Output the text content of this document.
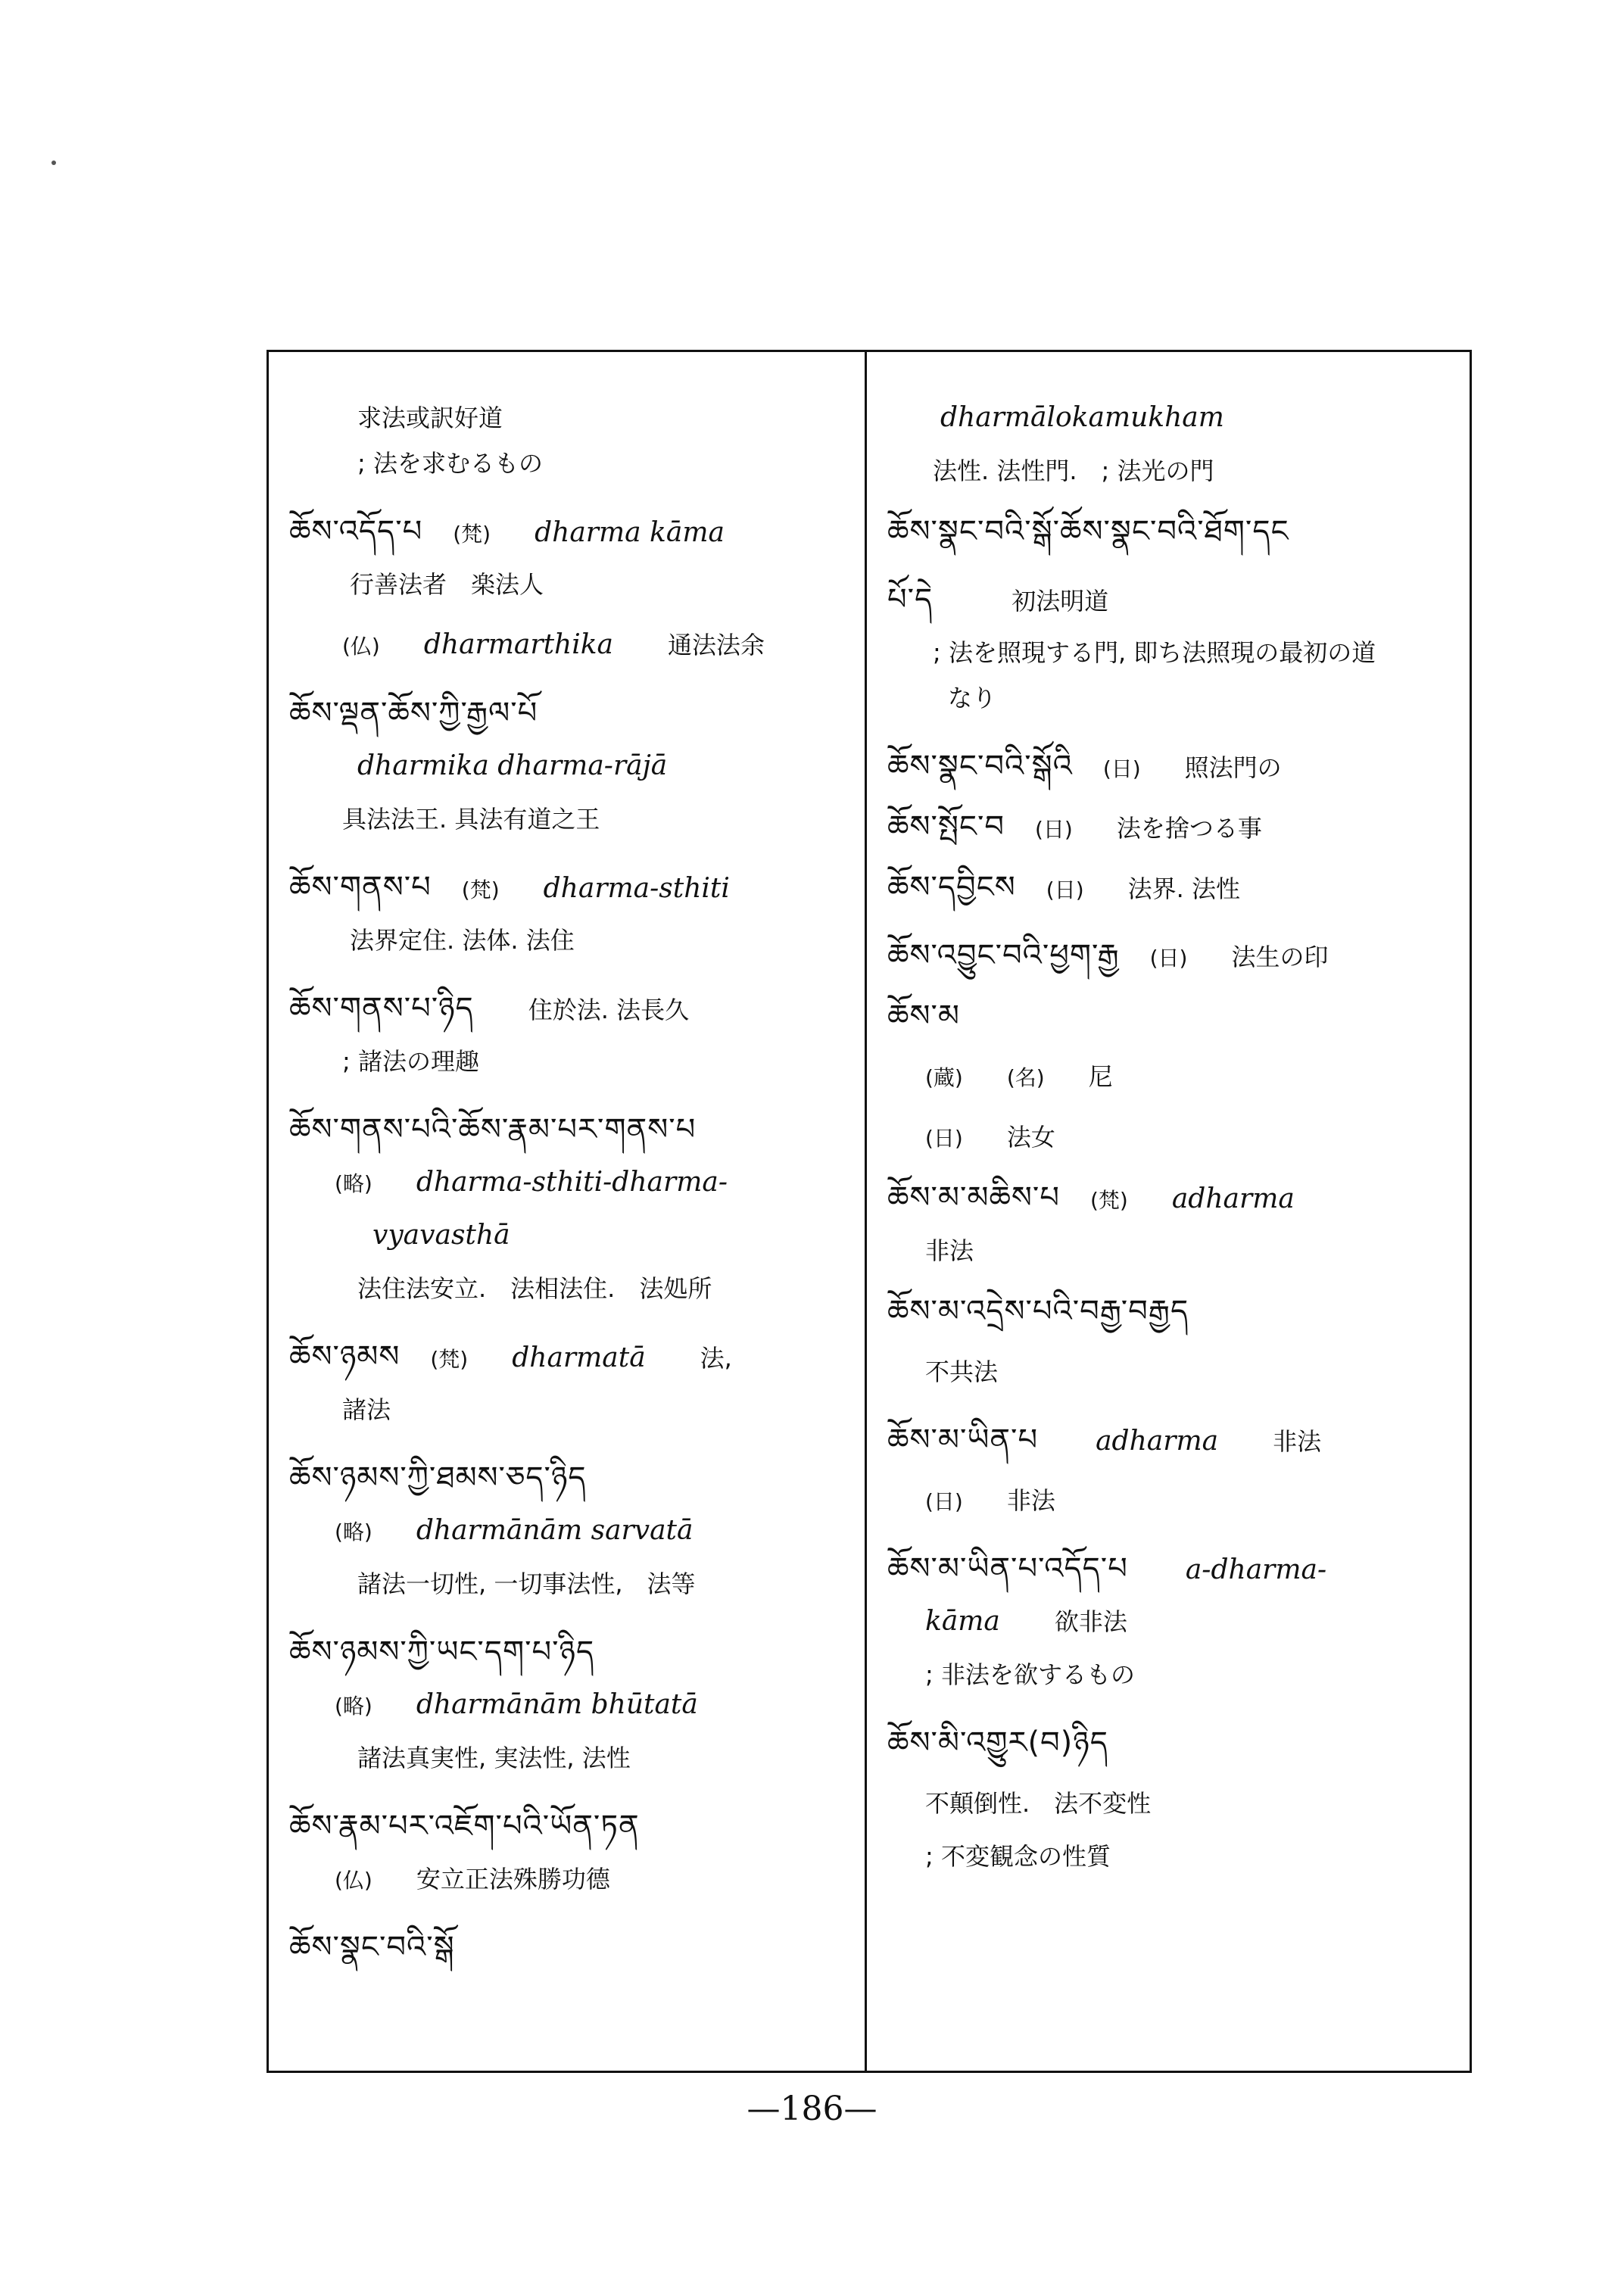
求法或訳好道
; 法を求むるもの
ཆོས་འདོད་པ (梵) dharma kāma
行善法者　楽法人
(仏) dharmarthika　通法法余
ཆོས་ལྡན་ཆོས་ཀྱི་རྒྱལ་པོ
dharmika dharma-rājā
具法法王. 具法有道之王
ཆོས་གནས་པ (梵) dharma-sthiti
法界定住. 法体. 法住
ཆོས་གནས་པ་ཉིད　住於法. 法長久
; 諸法の理趣
ཆོས་གནས་པའི་ཆོས་རྣམ་པར་གནས་པ
(略) dharma-sthiti-dharma-
vyavasthā
法住法安立.　法相法住.　法処所
ཆོས་ཉམས (梵) dharmatā　法,
諸法
ཆོས་ཉམས་ཀྱི་ཐམས་ཅད་ཉིད
(略) dharmānām sarvatā
諸法一切性, 一切事法性,　法等
ཆོས་ཉམས་ཀྱི་ཡང་དག་པ་ཉིད
(略) dharmānām bhūtatā
諸法真実性, 実法性, 法性
ཆོས་རྣམ་པར་འཇོག་པའི་ཡོན་ཏན
(仏) 安立正法殊勝功德
ཆོས་སྣང་བའི་སྒོ
dharmālokamukham
法性. 法性門.　; 法光の門
ཆོས་སྣང་བའི་སྒོ་ཆོས་སྣང་བའི་ཐོག་དང
པོ་དེ　　初法明道
; 法を照現する門, 即ち法照現の最初の道
なり
ཆོས་སྣང་བའི་སྒོའི (日) 照法門の
ཆོས་སྤོང་བ (日) 法を捨つる事
ཆོས་དབྱིངས (日) 法界. 法性
ཆོས་འབྱུང་བའི་ཕྱག་རྒྱ (日) 法生の印
ཆོས་མ
(蔵) (名) 尼
(日) 法女
ཆོས་མ་མཆིས་པ (梵) adharma
非法
ཆོས་མ་འདྲེས་པའི་བརྒྱ་བརྒྱད
不共法
ཆོས་མ་ཡིན་པ　adharma　非法
(日) 非法
ཆོས་མ་ཡིན་པ་འདོད་པ　a-dharma-
kāma　欲非法
; 非法を欲するもの
ཆོས་མི་འགྱུར(བ)ཉིད
不顛倒性.　法不変性
; 不変観念の性質
—186—
